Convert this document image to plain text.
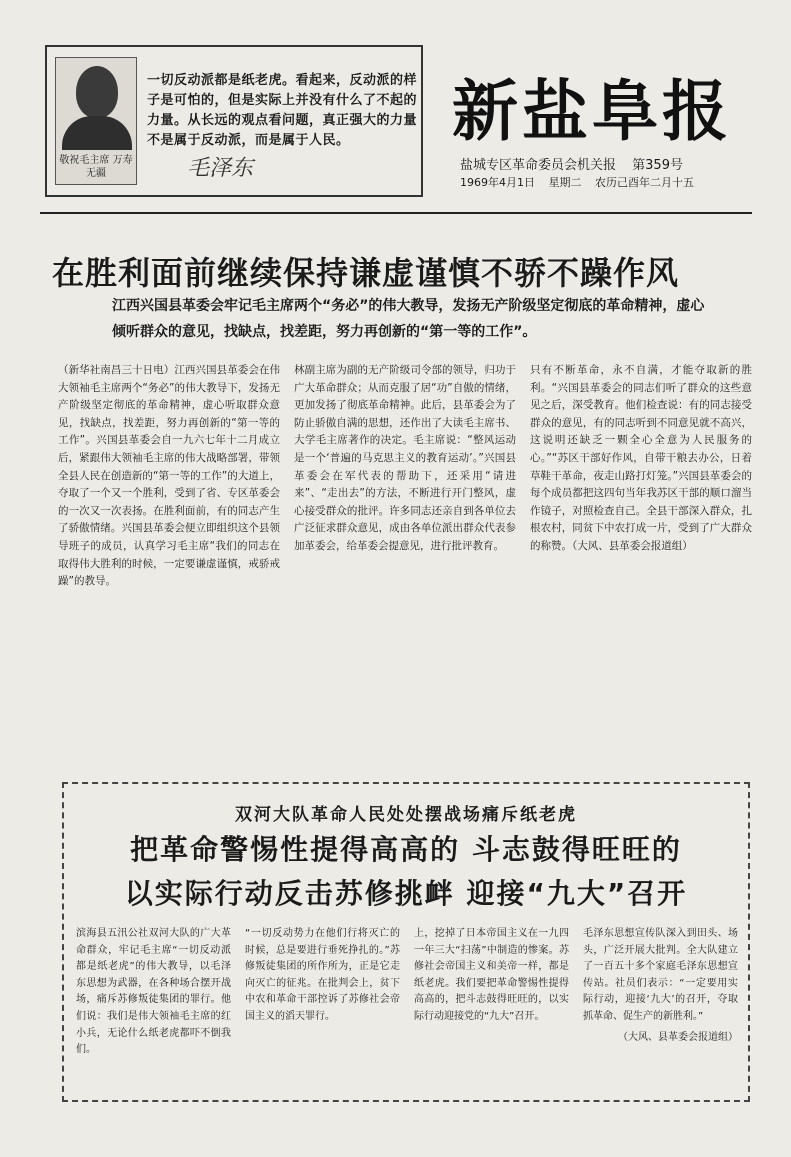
敬祝毛主席 万寿无疆
一切反动派都是纸老虎。看起来，反动派的样子是可怕的，但是实际上并没有什么了不起的力量。从长远的观点看问题，真正强大的力量不是属于反动派，而是属于人民。
毛泽东
新盐阜报
盐城专区革命委员会机关报 第359号
1969年4月1日 星期二 农历己酉年二月十五
在胜利面前继续保持谦虚谨慎不骄不躁作风
江西兴国县革委会牢记毛主席两个“务必”的伟大教导，发扬无产阶级坚定彻底的革命精神，虚心倾听群众的意见，找缺点，找差距，努力再创新的“第一等的工作”。
（新华社南昌三十日电）江西兴国县革委会在伟大领袖毛主席两个“务必”的伟大教导下，发扬无产阶级坚定彻底的革命精神，虚心听取群众意见，找缺点，找差距，努力再创新的“第一等的工作”。兴国县革委会自一九六七年十二月成立后，紧跟伟大领袖毛主席的伟大战略部署，带领全县人民在创造新的“第一等的工作”的大道上，夺取了一个又一个胜利，受到了省、专区革委会的一次又一次表扬。在胜利面前，有的同志产生了骄傲情绪。兴国县革委会便立即组织这个县领导班子的成员，认真学习毛主席“我们的同志在取得伟大胜利的时候，一定要谦虚谨慎，戒骄戒躁”的教导。
林副主席为副的无产阶级司令部的领导，归功于广大革命群众；从而克服了居“功”自傲的情绪，更加发扬了彻底革命精神。此后，县革委会为了防止骄傲自满的思想，还作出了大读毛主席书、大学毛主席著作的决定。毛主席说：“整风运动是一个‘普遍的马克思主义的教育运动’。”兴国县革委会在军代表的帮助下，还采用“请进来”、“走出去”的方法，不断进行开门整风，虚心接受群众的批评。许多同志还亲自到各单位去广泛征求群众意见，成由各单位派出群众代表参加革委会，给革委会提意见，进行批评教育。
只有不断革命，永不自满，才能夺取新的胜利。“兴国县革委会的同志们听了群众的这些意见之后，深受教育。他们检查说：有的同志接受群众的意见，有的同志听到不同意见就不高兴，这说明还缺乏一颗全心全意为人民服务的心。”“苏区干部好作风，自带干粮去办公，日着草鞋干革命，夜走山路打灯笼。”兴国县革委会的每个成员都把这四句当年我苏区干部的顺口溜当作镜子，对照检查自己。全县干部深入群众，扎根农村，同贫下中农打成一片，受到了广大群众的称赞。（大风、县革委会报道组）
双河大队革命人民处处摆战场痛斥纸老虎
把革命警惕性提得高高的 斗志鼓得旺旺的
以实际行动反击苏修挑衅 迎接“九大”召开
滨海县五汛公社双河大队的广大革命群众，牢记毛主席“一切反动派都是纸老虎”的伟大教导，以毛泽东思想为武器，在各种场合摆开战场，痛斥苏修叛徒集团的罪行。他们说：我们是伟大领袖毛主席的红小兵，无论什么纸老虎都吓不倒我们。
“一切反动势力在他们行将灭亡的时候，总是要进行垂死挣扎的。”苏修叛徒集团的所作所为，正是它走向灭亡的征兆。在批判会上，贫下中农和革命干部控诉了苏修社会帝国主义的滔天罪行。
上，挖掉了日本帝国主义在一九四一年三大“扫荡”中制造的惨案。苏修社会帝国主义和美帝一样，都是纸老虎。我们要把革命警惕性提得高高的，把斗志鼓得旺旺的，以实际行动迎接党的“九大”召开。
毛泽东思想宣传队深入到田头、场头，广泛开展大批判。全大队建立了一百五十多个家庭毛泽东思想宣传站。社员们表示：“一定要用实际行动，迎接‘九大’的召开，夺取抓革命、促生产的新胜利。”
（大风、县革委会报道组）
